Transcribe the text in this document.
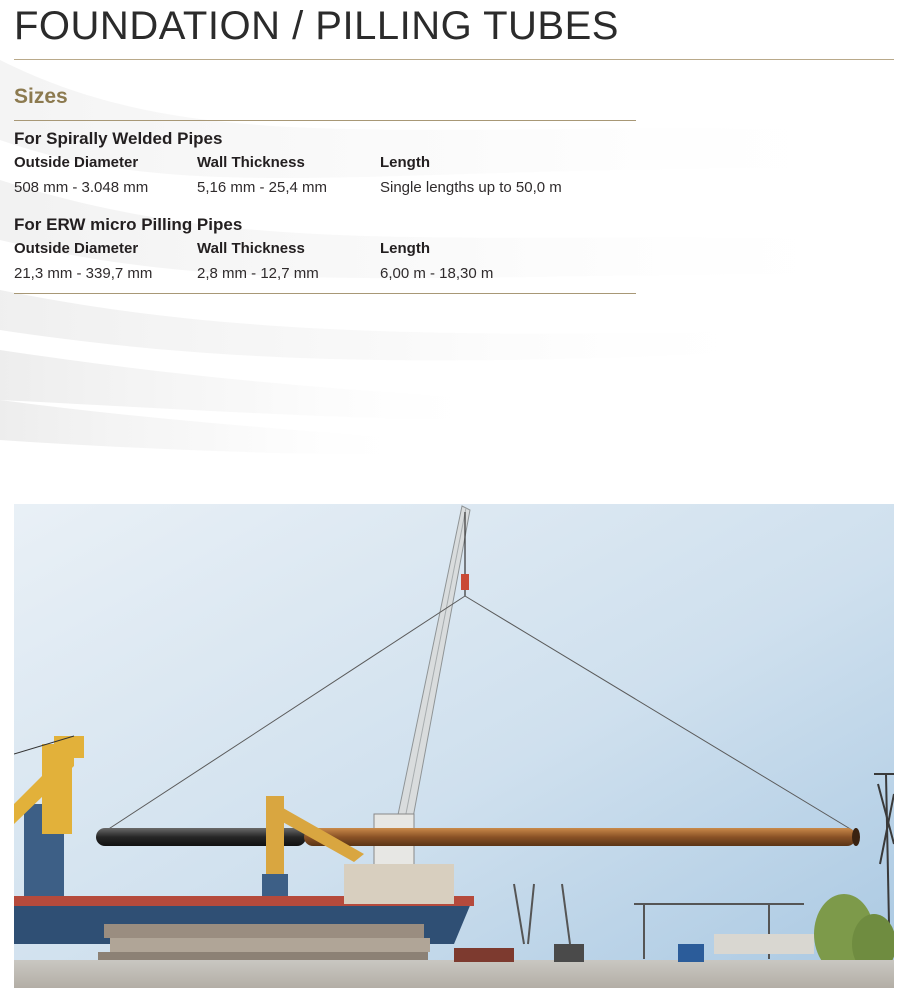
FOUNDATION / PILLING TUBES
Sizes
For Spirally Welded Pipes
Outside Diameter	Wall Thickness	Length
508 mm - 3.048 mm	5,16 mm - 25,4 mm	Single lengths up to 50,0 m
For ERW micro Pilling Pipes
Outside Diameter	Wall Thickness	Length
21,3 mm - 339,7 mm	2,8 mm - 12,7 mm	6,00 m - 18,30 m
